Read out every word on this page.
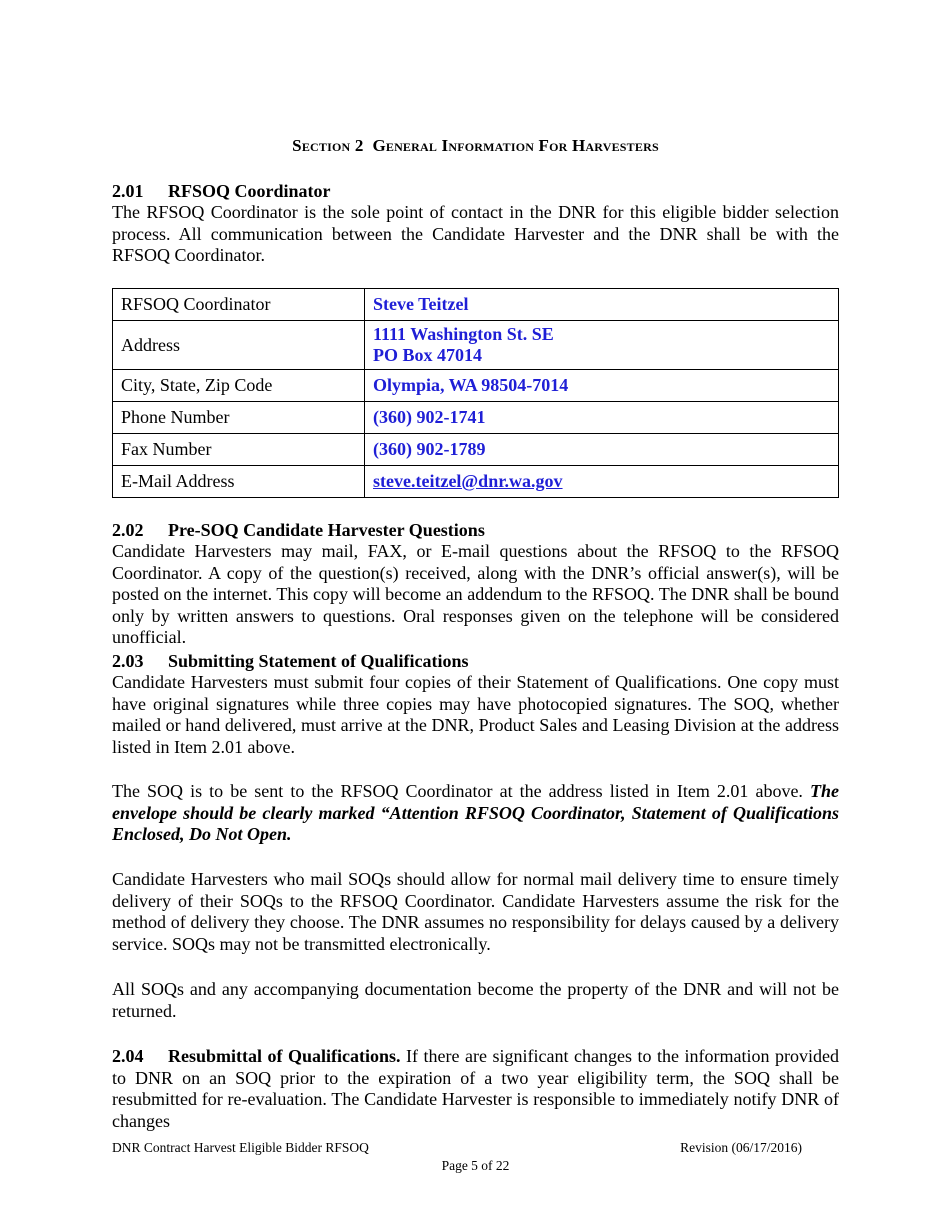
Section 2 General Information For Harvesters
2.01 RFSOQ Coordinator

The RFSOQ Coordinator is the sole point of contact in the DNR for this eligible bidder selection process. All communication between the Candidate Harvester and the DNR shall be with the RFSOQ Coordinator.

RFSOQ Coordinator	Steve Teitzel
Address	1111 Washington St. SE
PO Box 47014

City, State, Zip Code	Olympia, WA 98504-7014
Phone Number	(360) 902-1741
Fax Number	(360) 902-1789
E-Mail Address	steve.teitzel@dnr.wa.gov
2.02 Pre-SOQ Candidate Harvester Questions

Candidate Harvesters may mail, FAX, or E-mail questions about the RFSOQ to the RFSOQ Coordinator. A copy of the question(s) received, along with the DNR’s official answer(s), will be posted on the internet. This copy will become an addendum to the RFSOQ. The DNR shall be bound only by written answers to questions. Oral responses given on the telephone will be considered unofficial.

2.03 Submitting Statement of Qualifications

Candidate Harvesters must submit four copies of their Statement of Qualifications. One copy must have original signatures while three copies may have photocopied signatures. The SOQ, whether mailed or hand delivered, must arrive at the DNR, Product Sales and Leasing Division at the address listed in Item 2.01 above.

The SOQ is to be sent to the RFSOQ Coordinator at the address listed in Item 2.01 above. The envelope should be clearly marked “Attention RFSOQ Coordinator, Statement of Qualifications Enclosed, Do Not Open.

Candidate Harvesters who mail SOQs should allow for normal mail delivery time to ensure timely delivery of their SOQs to the RFSOQ Coordinator. Candidate Harvesters assume the risk for the method of delivery they choose. The DNR assumes no responsibility for delays caused by a delivery service. SOQs may not be transmitted electronically.

All SOQs and any accompanying documentation become the property of the DNR and will not be returned.

2.04 Resubmittal of Qualifications. If there are significant changes to the information provided to DNR on an SOQ prior to the expiration of a two year eligibility term, the SOQ shall be resubmitted for re-evaluation. The Candidate Harvester is responsible to immediately notify DNR of changes

DNR Contract Harvest Eligible Bidder RFSOQ	Revision (06/17/2016)
Page 5 of 22
